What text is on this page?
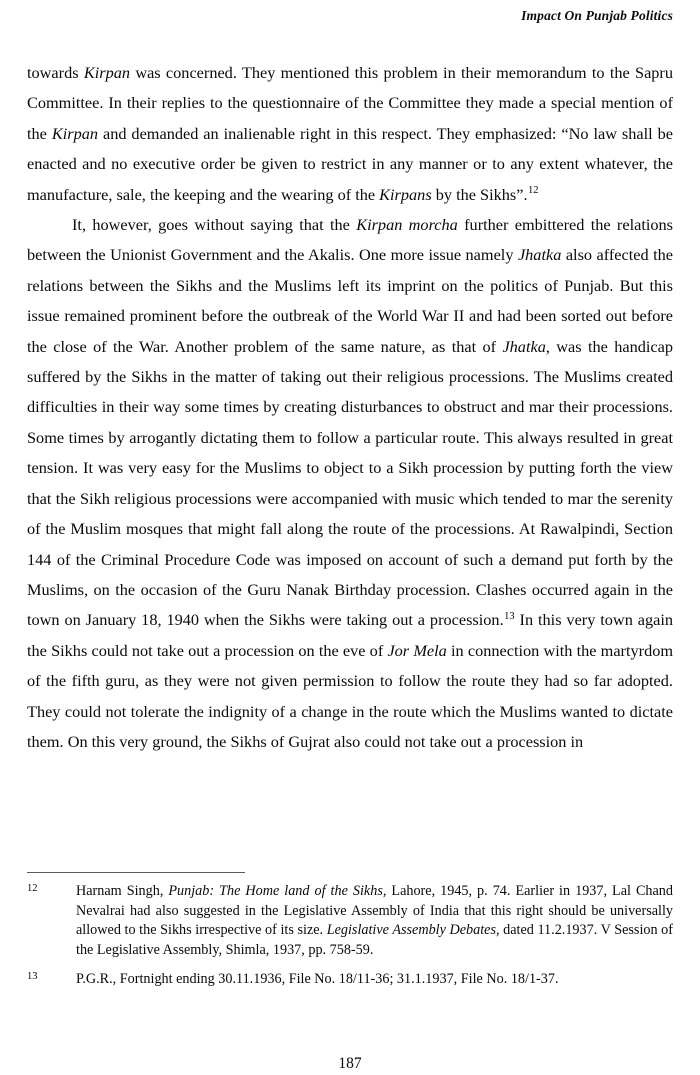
Impact On Punjab Politics

towards Kirpan was concerned. They mentioned this problem in their memorandum to the Sapru Committee. In their replies to the questionnaire of the Committee they made a special mention of the Kirpan and demanded an inalienable right in this respect. They emphasized: “No law shall be enacted and no executive order be given to restrict in any manner or to any extent whatever, the manufacture, sale, the keeping and the wearing of the Kirpans by the Sikhs”.$^{12}$

It, however, goes without saying that the Kirpan morcha further embittered the relations between the Unionist Government and the Akalis. One more issue namely Jhatka also affected the relations between the Sikhs and the Muslims left its imprint on the politics of Punjab. But this issue remained prominent before the outbreak of the World War II and had been sorted out before the close of the War. Another problem of the same nature, as that of Jhatka, was the handicap suffered by the Sikhs in the matter of taking out their religious processions. The Muslims created difficulties in their way some times by creating disturbances to obstruct and mar their processions. Some times by arrogantly dictating them to follow a particular route. This always resulted in great tension. It was very easy for the Muslims to object to a Sikh procession by putting forth the view that the Sikh religious processions were accompanied with music which tended to mar the serenity of the Muslim mosques that might fall along the route of the processions. At Rawalpindi, Section 144 of the Criminal Procedure Code was imposed on account of such a demand put forth by the Muslims, on the occasion of the Guru Nanak Birthday procession. Clashes occurred again in the town on January 18, 1940 when the Sikhs were taking out a procession.$^{13}$ In this very town again the Sikhs could not take out a procession on the eve of Jor Mela in connection with the martyrdom of the fifth guru, as they were not given permission to follow the route they had so far adopted. They could not tolerate the indignity of a change in the route which the Muslims wanted to dictate them. On this very ground, the Sikhs of Gujrat also could not take out a procession in

12	Harnam Singh, Punjab: The Home land of the Sikhs, Lahore, 1945, p. 74. Earlier in 1937, Lal Chand Nevalrai had also suggested in the Legislative Assembly of India that this right should be universally allowed to the Sikhs irrespective of its size. Legislative Assembly Debates, dated 11.2.1937. V Session of the Legislative Assembly, Shimla, 1937, pp. 758-59.
13	P.G.R., Fortnight ending 30.11.1936, File No. 18/11-36; 31.1.1937, File No. 18/1-37.
187
